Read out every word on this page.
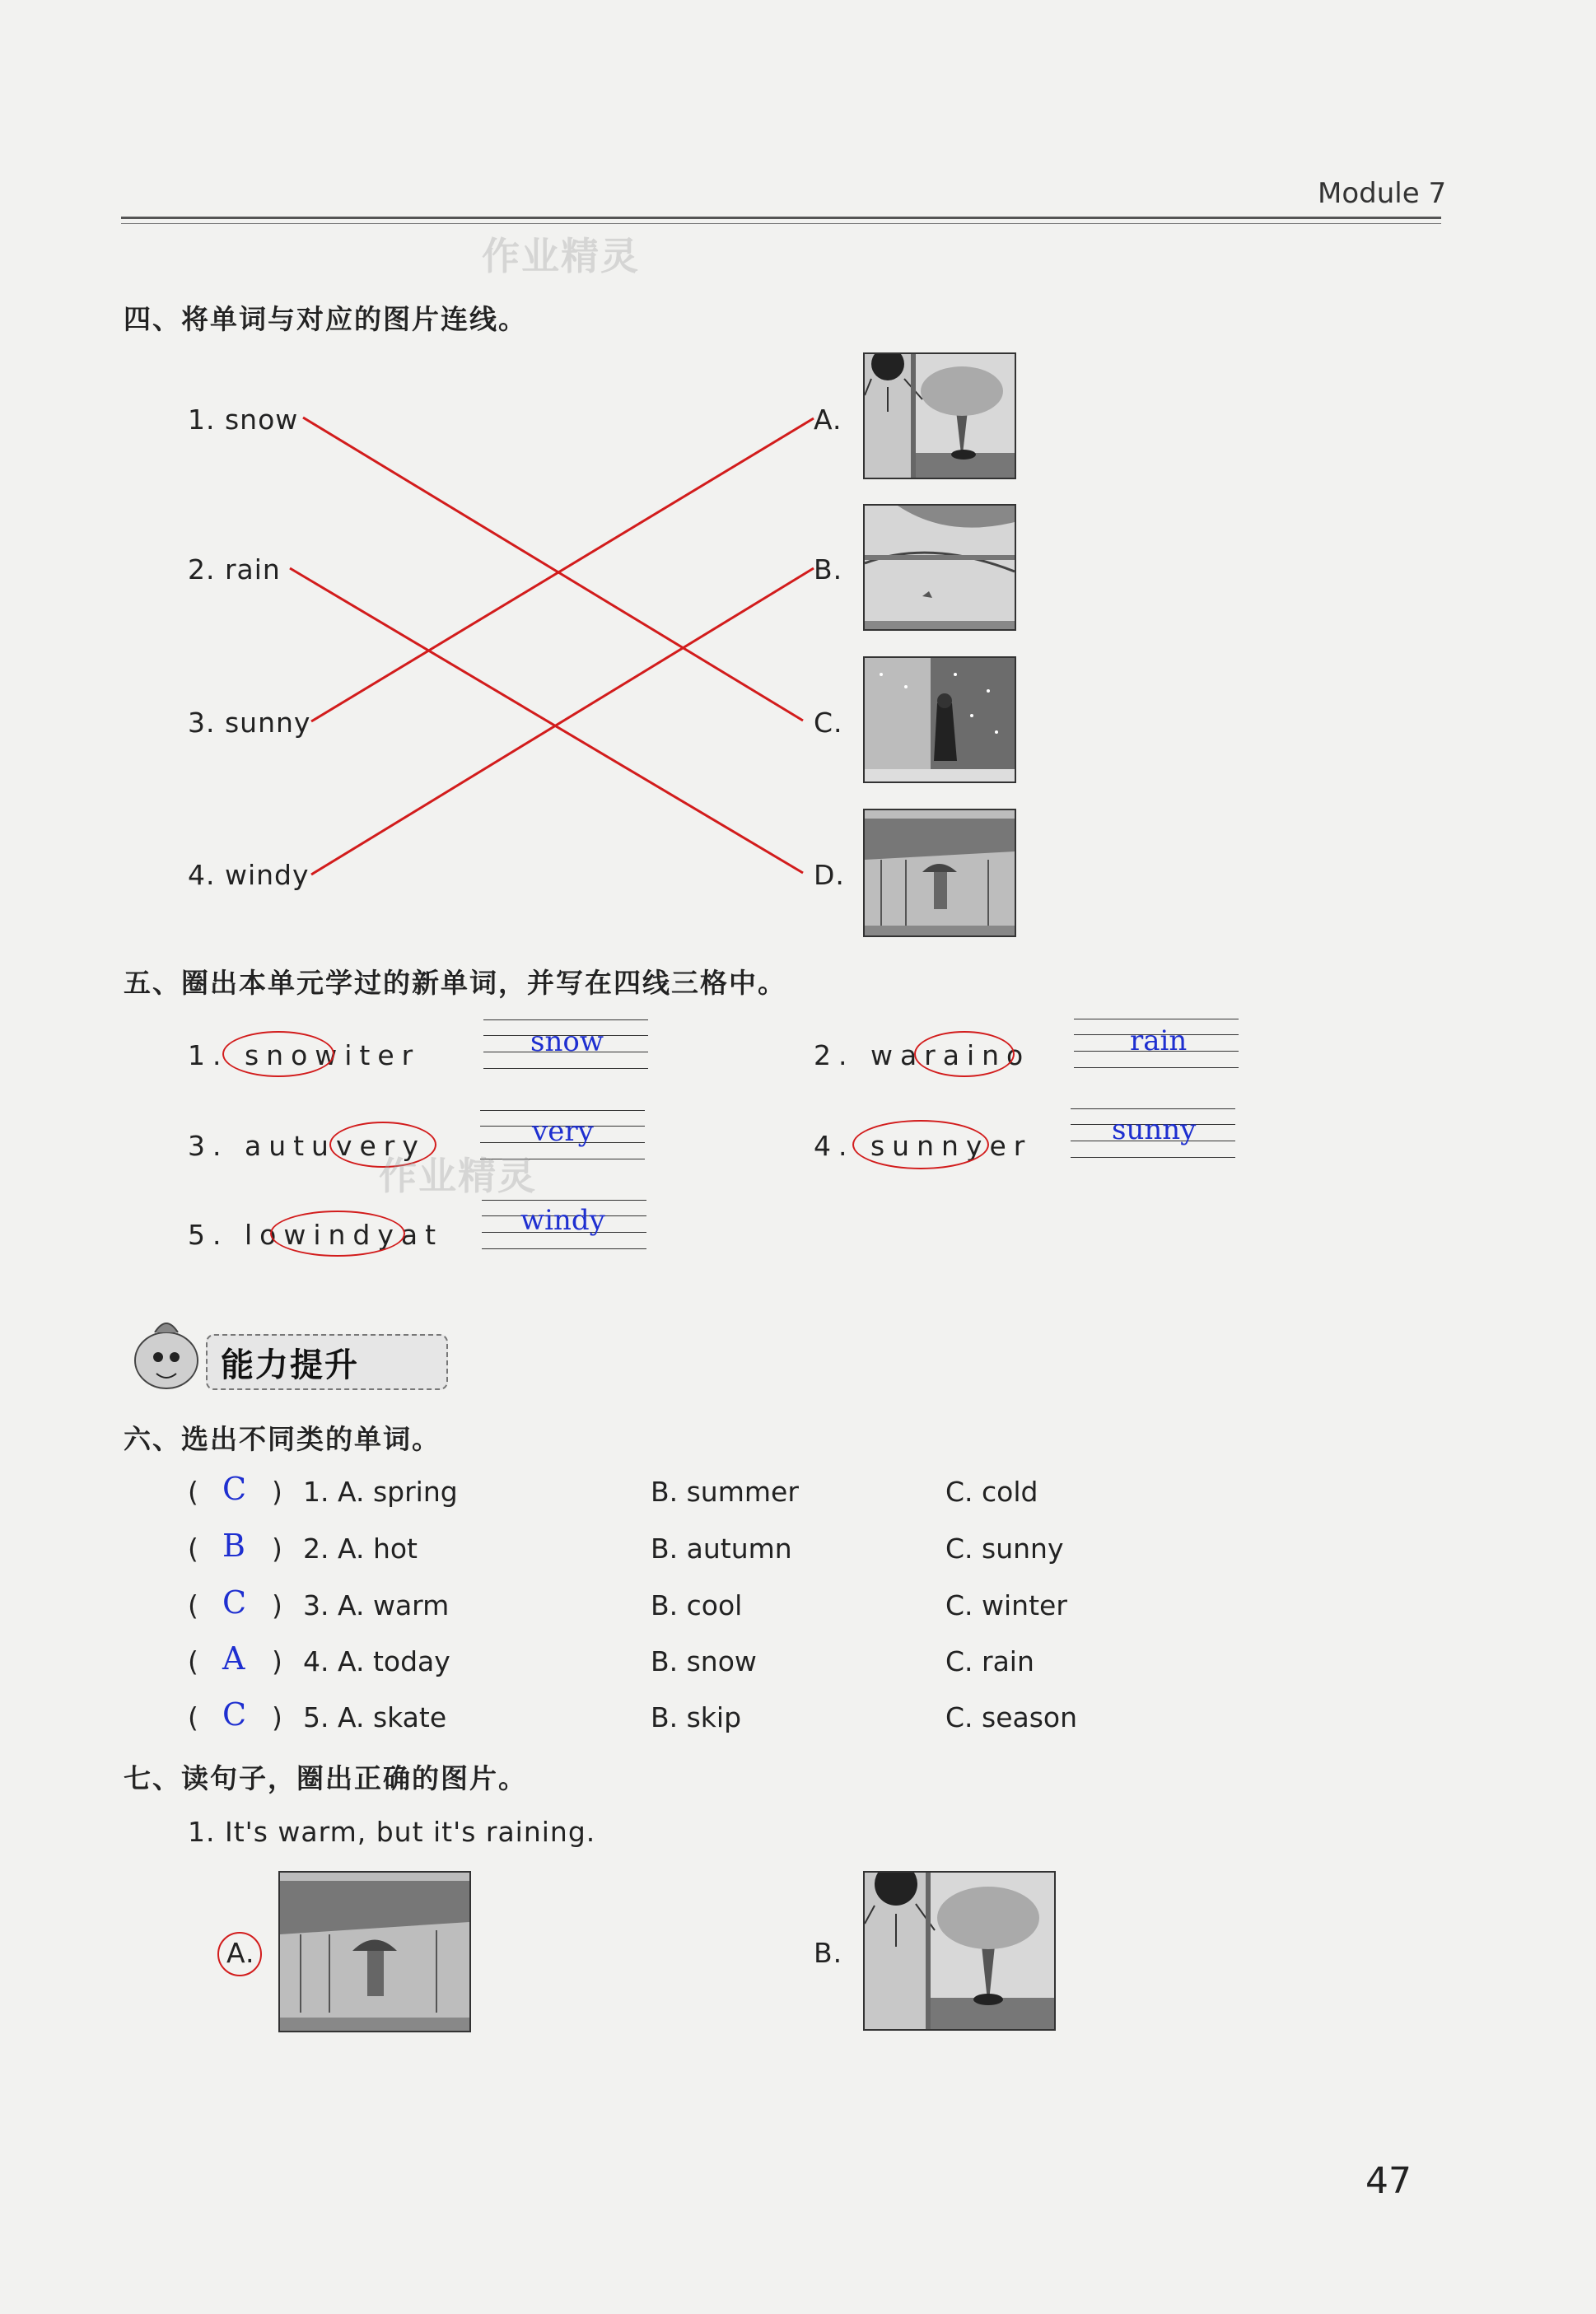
Module 7
作业精灵
四、将单词与对应的图片连线。
1. snow
2. rain
3. sunny
4. windy
A.
B.
C.
D.
五、圈出本单元学过的新单词，并写在四线三格中。
1. snowiter	snow	2. waraino	rain
3. autuvery	very
作业精灵
4. sunnyer	sunny
5. lowindyat	windy
能力提升
六、选出不同类的单词。
( C ) 1. A. spring	B. summer	C. cold
( B ) 2. A. hot	B. autumn	C. sunny
( C ) 3. A. warm	B. cool	C. winter
( A ) 4. A. today	B. snow	C. rain
( C ) 5. A. skate	B. skip	C. season
七、读句子，圈出正确的图片。
1. It's warm, but it's raining.
A.	B.
47
